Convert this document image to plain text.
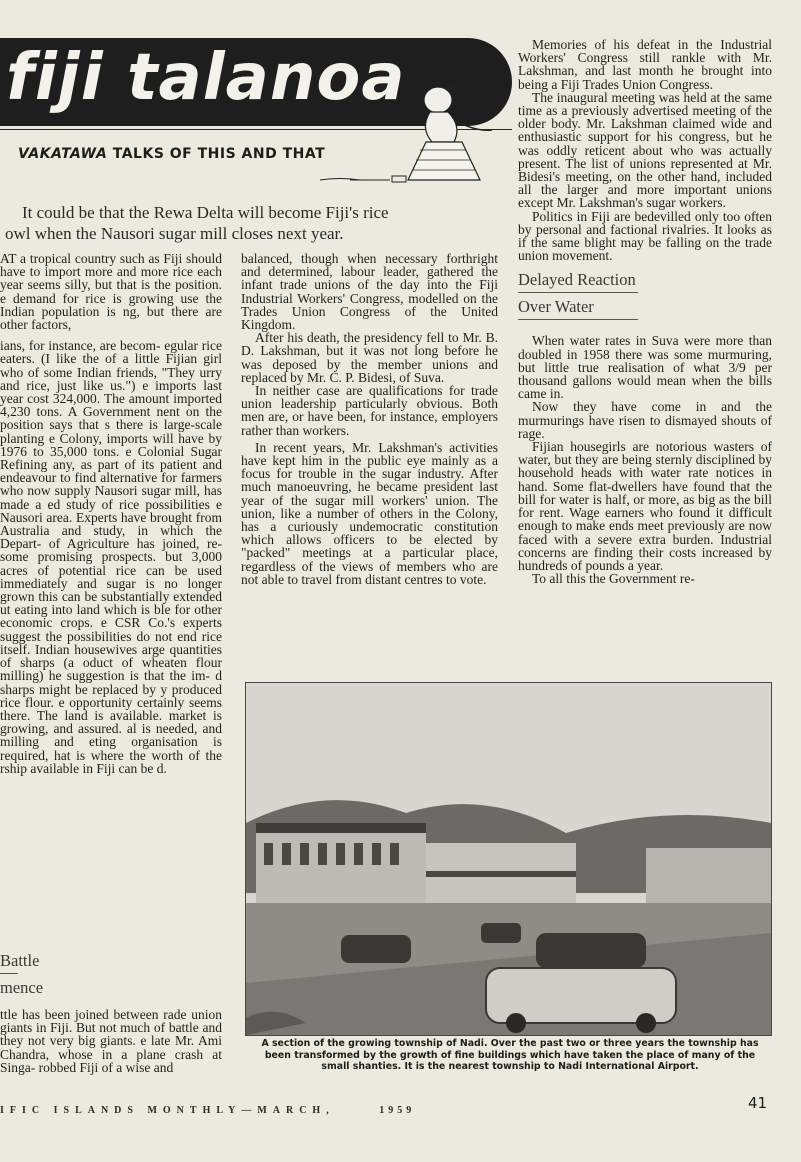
fiji talanoa
VAKATAWA TALKS OF THIS AND THAT
It could be that the Rewa Delta will become Fiji's rice
owl when the Nausori sugar mill closes next year.

AT a tropical country such as Fiji should have to import more and more rice each year seems silly, but that is the position. e demand for rice is growing use the Indian population is ng, but there are other factors,

ians, for instance, are becom- egular rice eaters. (I like the of a little Fijian girl who of some Indian friends, "They urry and rice, just like us.") e imports last year cost 324,000. The amount imported 4,230 tons. A Government nent on the position says that s there is large-scale planting e Colony, imports will have by 1976 to 35,000 tons. e Colonial Sugar Refining any, as part of its patient and endeavour to find alternative for farmers who now supply Nausori sugar mill, has made a ed study of rice possibilities e Nausori area. Experts have brought from Australia and study, in which the Depart- of Agriculture has joined, re- some promising prospects. but 3,000 acres of potential rice can be used immediately and sugar is no longer grown this can be substantially extended ut eating into land which is ble for other economic crops. e CSR Co.'s experts suggest the possibilities do not end rice itself. Indian housewives arge quantities of sharps (a oduct of wheaten flour milling) he suggestion is that the im- d sharps might be replaced by y produced rice flour. e opportunity certainly seems there. The land is available. market is growing, and assured. al is needed, and milling and eting organisation is required, hat is where the worth of the rship available in Fiji can be d.

Battle
mence

ttle has been joined between rade union giants in Fiji. But not much of battle and they not very big giants. e late Mr. Ami Chandra, whose in a plane crash at Singa- robbed Fiji of a wise and

balanced, though when necessary forthright and determined, labour leader, gathered the infant trade unions of the day into the Fiji Industrial Workers' Congress, modelled on the Trades Union Congress of the United Kingdom.

After his death, the presidency fell to Mr. B. D. Lakshman, but it was not long before he was deposed by the member unions and replaced by Mr. C. P. Bidesi, of Suva.

In neither case are qualifications for trade union leadership particularly obvious. Both men are, or have been, for instance, employers rather than workers.

In recent years, Mr. Lakshman's activities have kept him in the public eye mainly as a focus for trouble in the sugar industry. After much manoeuvring, he became president last year of the sugar mill workers' union. The union, like a number of others in the Colony, has a curiously undemocratic constitution which allows officers to be elected by "packed" meetings at a particular place, regardless of the views of members who are not able to travel from distant centres to vote.

Memories of his defeat in the Industrial Workers' Congress still rankle with Mr. Lakshman, and last month he brought into being a Fiji Trades Union Congress.

The inaugural meeting was held at the same time as a previously advertised meeting of the older body. Mr. Lakshman claimed wide and enthusiastic support for his congress, but he was oddly reticent about who was actually present. The list of unions represented at Mr. Bidesi's meeting, on the other hand, included all the larger and more important unions except Mr. Lakshman's sugar workers.

Politics in Fiji are bedevilled only too often by personal and factional rivalries. It looks as if the same blight may be falling on the trade union movement.

Delayed Reaction
Over Water

When water rates in Suva were more than doubled in 1958 there was some murmuring, but little true realisation of what 3/9 per thousand gallons would mean when the bills came in.

Now they have come in and the murmurings have risen to dismayed shouts of rage.

Fijian housegirls are notorious wasters of water, but they are being sternly disciplined by household heads with water rate notices in hand. Some flat-dwellers have found that the bill for water is half, or more, as big as the bill for rent. Wage earners who found it difficult enough to make ends meet previously are now faced with a severe extra burden. Industrial concerns are finding their costs increased by hundreds of pounds a year.

To all this the Government re-

A section of the growing township of Nadi. Over the past two or three years the township has been transformed by the growth of fine buildings which have taken the place of many of the small shanties. It is the nearest township to Nadi International Airport.
IFIC ISLANDS MONTHLY—MARCH,	1959	41
